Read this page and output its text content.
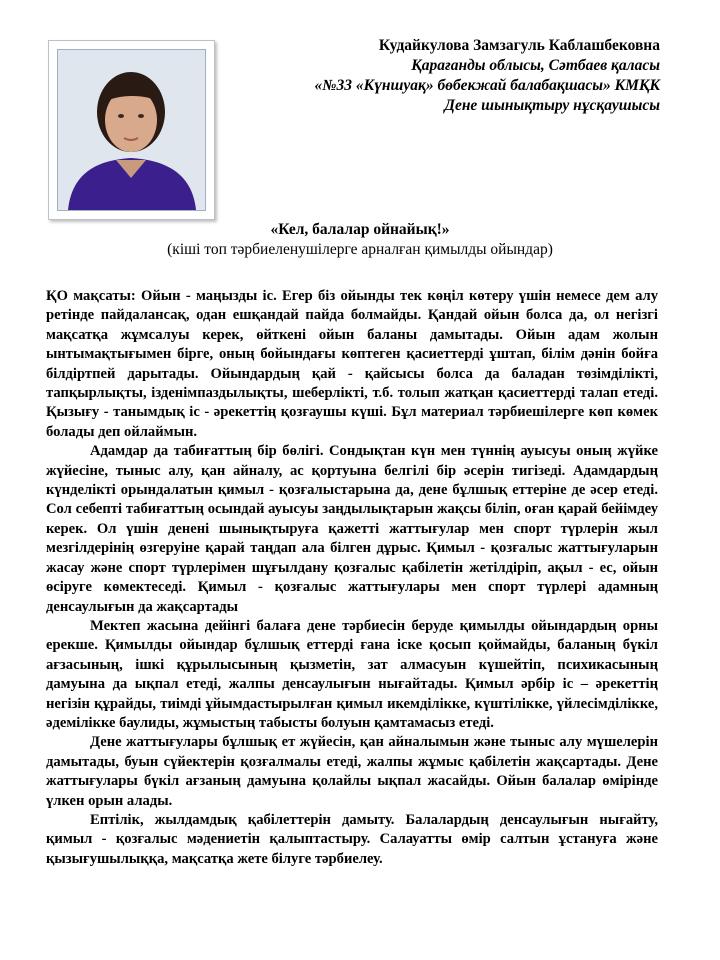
Кудайкулова Замзагуль Каблашбековна
Қарағанды облысы, Сәтбаев қаласы
«№33 «Күншуақ» бөбекжай балабақшасы» КМҚК
Дене шынықтыру нұсқаушысы
«Кел, балалар ойнайық!»
(кіші топ тәрбиеленушілерге арналған қимылды ойындар)

ҚО мақсаты: Ойын - маңызды іс. Егер біз ойынды тек көңіл көтеру үшін немесе дем алу ретінде пайдалансақ, одан ешқандай пайда болмайды. Қандай ойын болса да, ол негізгі мақсатқа жұмсалуы керек, өйткені ойын баланы дамытады. Ойын адам жолын ынтымақтығымен бірге, оның бойындағы көптеген қасиеттерді ұштап, білім дәнін бойға білдіртпей дарытады. Ойындардың қай - қайсысы болса да баладан төзімділікті, тапқырлықты, ізденімпаздылықты, шеберлікті, т.б. толып жатқан қасиеттерді талап етеді. Қызығу - танымдық іс - әрекеттің қозғаушы күші. Бұл материал тәрбиешілерге көп көмек болады деп ойлаймын.

Адамдар да табиғаттың бір бөлігі. Сондықтан күн мен түннің ауысуы оның жүйке жүйесіне, тыныс алу, қан айналу, ас қортуына белгілі бір әсерін тигізеді. Адамдардың күнделікті орындалатын қимыл - қозғалыстарына да, дене бұлшық еттеріне де әсер етеді. Сол себепті табиғаттың осындай ауысуы заңдылықтарын жақсы біліп, оған қарай бейімдеу керек. Ол үшін денені шынықтыруға қажетті жаттығулар мен спорт түрлерін жыл мезгілдерінің өзгеруіне қарай таңдап ала білген дұрыс. Қимыл - қозғалыс жаттығуларын жасау және спорт түрлерімен шұғылдану қозғалыс қабілетін жетілдіріп, ақыл - ес, ойын өсіруге көмектеседі. Қимыл - қозғалыс жаттығулары мен спорт түрлері адамның денсаулығын да жақсартады

Мектеп жасына дейінгі балаға дене тәрбиесін беруде қимылды ойындардың орны ерекше. Қимылды ойындар бұлшық еттерді ғана іске қосып қоймайды, баланың бүкіл ағзасының, ішкі құрылысының қызметін, зат алмасуын күшейтіп, психикасының дамуына да ықпал етеді, жалпы денсаулығын нығайтады. Қимыл әрбір іс – әрекеттің негізін құрайды, тиімді ұйымдастырылған қимыл икемділікке, күштілікке, үйлесімділікке, әдемілікке баулиды, жұмыстың табысты болуын қамтамасыз етеді.

Дене жаттығулары бұлшық ет жүйесін, қан айналымын және тыныс алу мүшелерін дамытады, буын сүйектерін қозғалмалы етеді, жалпы жұмыс қабілетін жақсартады. Дене жаттығулары бүкіл ағзаның дамуына қолайлы ықпал жасайды. Ойын балалар өмірінде үлкен орын алады.

Ептілік, жылдамдық қабілеттерін дамыту. Балалардың денсаулығын нығайту, қимыл - қозғалыс мәдениетін қалыптастыру. Салауатты өмір салтын ұстануға және қызығушылыққа, мақсатқа жете білуге тәрбиелеу.
